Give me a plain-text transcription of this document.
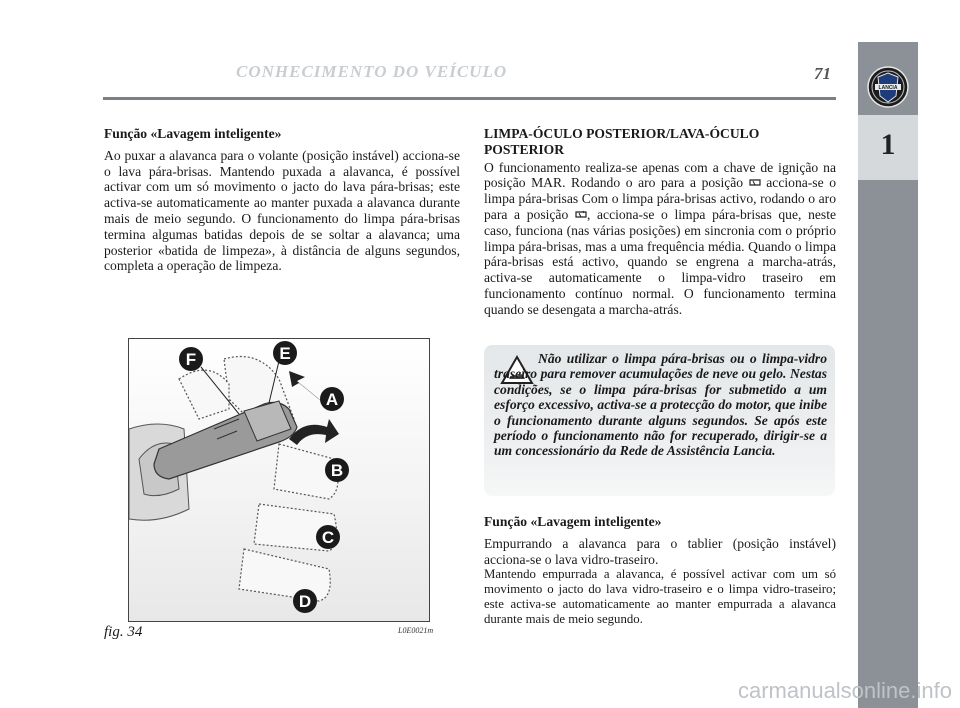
CONHECIMENTO DO VEÍCULO	71
LANCIA
1

Função «Lavagem inteligente»

Ao puxar a alavanca para o volante (posição instável) acciona-se o lava pára-brisas. Mantendo puxada a alavanca, é possível activar com um só movimento o jacto do lava pára-brisas; este activa-se automaticamente ao manter puxada a alavanca durante mais de meio segundo. O funcionamento do limpa pára-brisas termina algumas batidas depois de se soltar a alavanca; uma posterior «batida de limpeza», à distância de alguns segundos, completa a operação de limpeza.

F	E
A
B
C
D
fig. 34	L0E0021m

LIMPA-ÓCULO POSTERIOR/LAVA-ÓCULO
POSTERIOR

O funcionamento realiza-se apenas com a chave de ignição na posição MAR. Rodando o aro para a posição acciona-se o limpa pára-brisas Com o limpa pára-brisas activo, rodando o aro para a posição , acciona-se o limpa pára-brisas que, neste caso, funciona (nas várias posições) em sincronia com o próprio limpa pára-brisas, mas a uma frequência média. Quando o limpa pára-brisas está activo, quando se engrena a marcha-atrás, activa-se automaticamente o limpa-vidro traseiro em funcionamento contínuo normal. O funcionamento termina quando se desengata a marcha-atrás.

Não utilizar o limpa pára-brisas ou o limpa-vidro traseiro para remover acumulações de neve ou gelo. Nestas condições, se o limpa pára-brisas for submetido a um esforço excessivo, activa-se a protecção do motor, que inibe o funcionamento durante alguns segundos. Se após este período o funcionamento não for recuperado, dirigir-se a um concessionário da Rede de Assistência Lancia.

Função «Lavagem inteligente»

Empurrando a alavanca para o tablier (posição instável) acciona-se o lava vidro-traseiro.

Mantendo empurrada a alavanca, é possível activar com um só movimento o jacto do lava vidro-traseiro e o limpa vidro-traseiro; este activa-se automaticamente ao manter empurrada a alavanca durante mais de meio segundo.

carmanualsonline.info
